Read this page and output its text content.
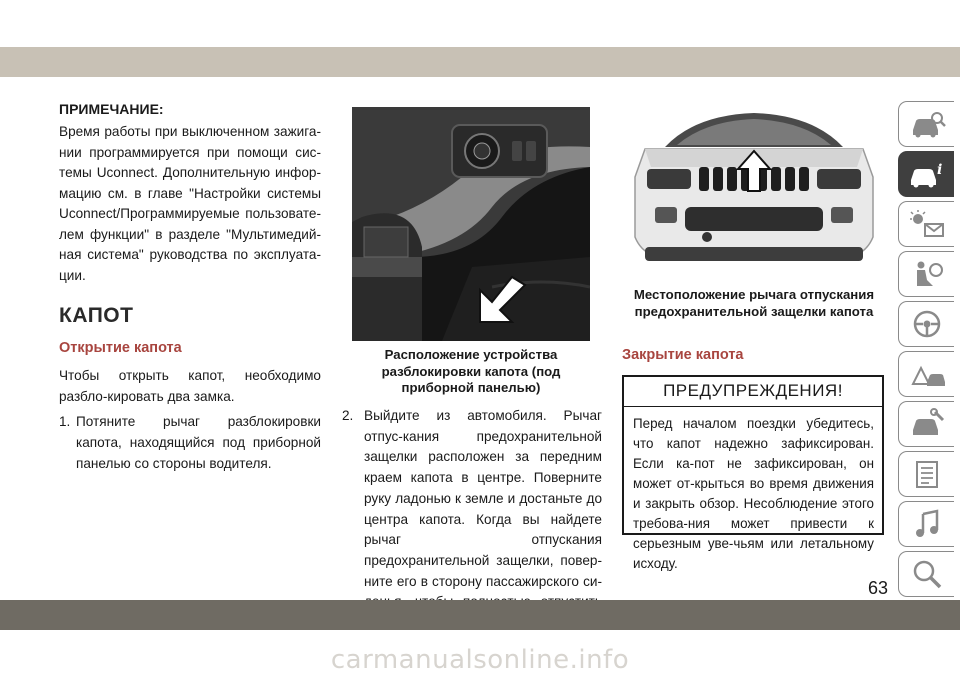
ПРИМЕЧАНИЕ:

Время работы при выключенном зажига-нии программируется при помощи сис-темы Uconnect. Дополнительную инфор-мацию см. в главе "Настройки системы Uconnect/Программируемые пользовате-лем функции" в разделе "Мультимедий-ная система" руководства по эксплуата-ции.

КАПОТ
Открытие капота

Чтобы открыть капот, необходимо разбло-кировать два замка.

1. Потяните рычаг разблокировки капота, находящийся под приборной панелью со стороны водителя.
Расположение устройства разблокировки капота (под приборной панелью)
2. Выйдите из автомобиля. Рычаг отпус-кания предохранительной защелки расположен за передним краем капота в центре. Поверните руку ладонью к земле и достаньте до центра капота. Когда вы найдете рычаг отпускания предохранительной защелки, повер-ните его в сторону пассажирского си-
Местоположение рычага отпускания предохранительной защелки капота
Закрытие капота
ПРЕДУПРЕЖДЕНИЯ!
Перед началом поездки убедитесь, что капот надежно зафиксирован. Если ка-пот не зафиксирован, он может от-крыться во время движения и закрыть обзор. Несоблюдение этого требова-ния может привести к серьезным уве-чьям или летальному исходу.
i
63
carmanualsonline.info
